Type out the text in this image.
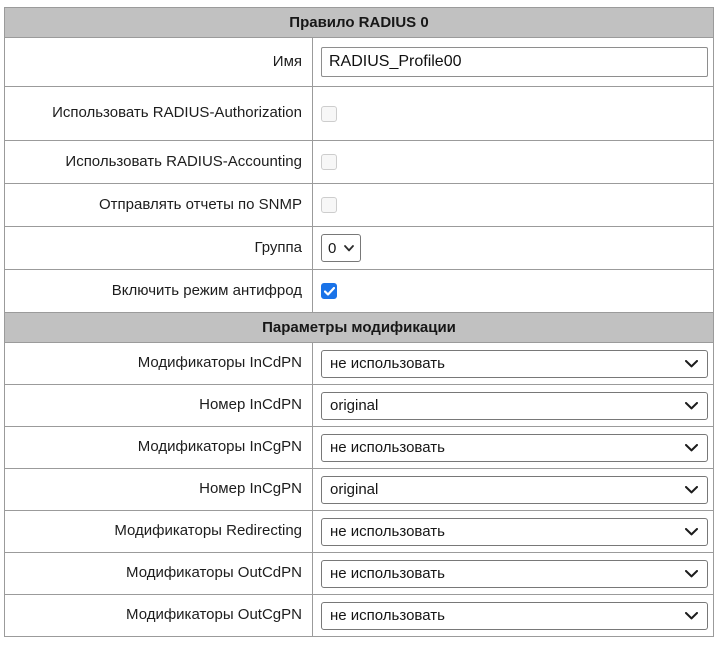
Правило RADIUS 0	
Имя	RADIUS_Profile00
Использовать RADIUS-Authorization	

Использовать RADIUS-Accounting	

Отправлять отчеты по SNMP	

Группа	0

Включить режим антифрод	

Параметры модификации	
Модификаторы InCdPN	не использовать

Номер InCdPN	original

Модификаторы InCgPN	не использовать

Номер InCgPN	original

Модификаторы Redirecting	не использовать

Модификаторы OutCdPN	не использовать

Модификаторы OutCgPN	не использовать
